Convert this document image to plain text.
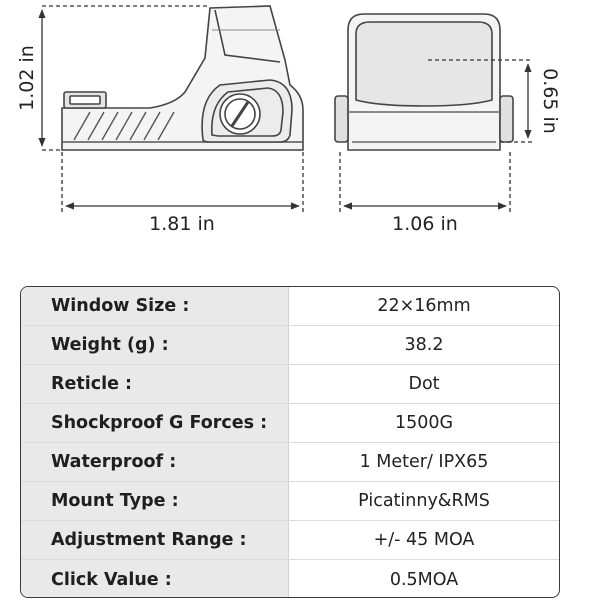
1.02 in
1.81 in
0.65 in
1.06 in
Window Size :	22×16mm
Weight (g) :	38.2
Reticle :	Dot
Shockproof G Forces :	1500G
Waterproof :	1 Meter/ IPX65
Mount Type :	Picatinny&RMS
Adjustment Range :	+/- 45 MOA
Click Value :	0.5MOA
